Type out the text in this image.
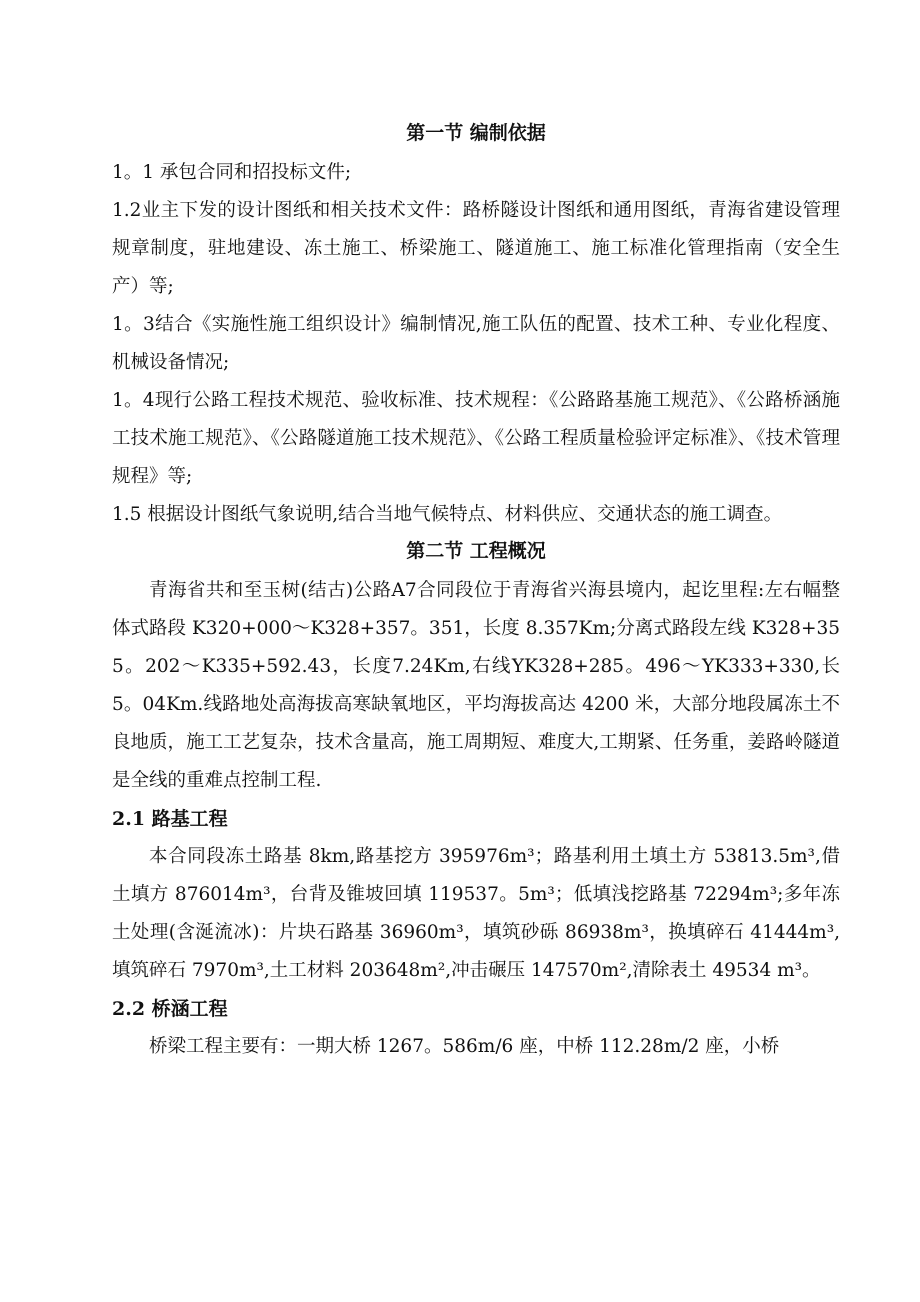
第一节 编制依据

1。1 承包合同和招投标文件;

1.2业主下发的设计图纸和相关技术文件：路桥隧设计图纸和通用图纸，青海省建设管理规章制度，驻地建设、冻土施工、桥梁施工、隧道施工、施工标准化管理指南（安全生产）等;

1。3结合《实施性施工组织设计》编制情况,施工队伍的配置、技术工种、专业化程度、机械设备情况;

1。4现行公路工程技术规范、验收标准、技术规程：《公路路基施工规范》、《公路桥涵施工技术施工规范》、《公路隧道施工技术规范》、《公路工程质量检验评定标准》、《技术管理规程》等;

1.5 根据设计图纸气象说明,结合当地气候特点、材料供应、交通状态的施工调查。

第二节 工程概况

青海省共和至玉树(结古)公路A7合同段位于青海省兴海县境内，起讫里程:左右幅整体式路段 K320+000～K328+357。351，长度 8.357Km;分离式路段左线 K328+355。202～K335+592.43，长度7.24Km,右线YK328+285。496～YK333+330,长 5。04Km.线路地处高海拔高寒缺氧地区，平均海拔高达 4200 米，大部分地段属冻土不良地质，施工工艺复杂，技术含量高，施工周期短、难度大,工期紧、任务重，姜路岭隧道是全线的重难点控制工程.

2.1 路基工程

本合同段冻土路基 8km,路基挖方 395976m³；路基利用土填土方 53813.5m³,借土填方 876014m³，台背及锥坡回填 119537。5m³；低填浅挖路基 72294m³;多年冻土处理(含涎流冰)：片块石路基 36960m³，填筑砂砾 86938m³，换填碎石 41444m³,填筑碎石 7970m³,土工材料 203648m²,冲击碾压 147570m²,清除表土 49534 m³。

2.2 桥涵工程

桥梁工程主要有：一期大桥 1267。586m/6 座，中桥 112.28m/2 座，小桥
